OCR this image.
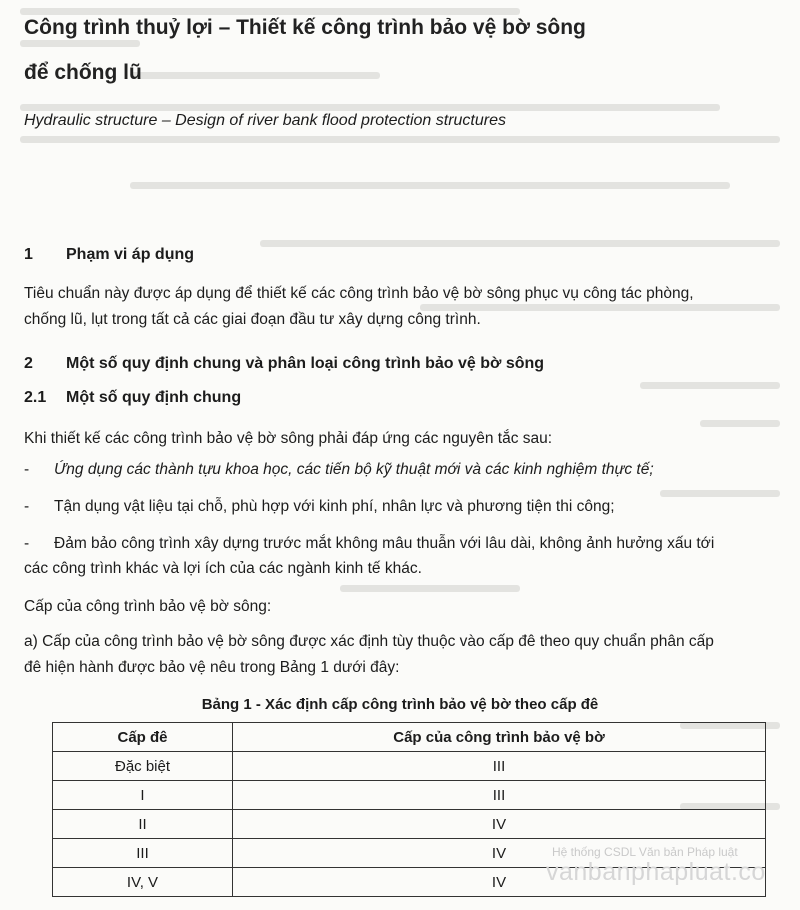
Công trình thuỷ lợi – Thiết kế công trình bảo vệ bờ sông
để chống lũ
Hydraulic structure – Design of river bank flood protection structures
1 Phạm vi áp dụng
Tiêu chuẩn này được áp dụng để thiết kế các công trình bảo vệ bờ sông phục vụ công tác phòng,
chống lũ, lụt trong tất cả các giai đoạn đầu tư xây dựng công trình.
2 Một số quy định chung và phân loại công trình bảo vệ bờ sông
2.1 Một số quy định chung
Khi thiết kế các công trình bảo vệ bờ sông phải đáp ứng các nguyên tắc sau:
- Ứng dụng các thành tựu khoa học, các tiến bộ kỹ thuật mới và các kinh nghiệm thực tế;
- Tận dụng vật liệu tại chỗ, phù hợp với kinh phí, nhân lực và phương tiện thi công;
- Đảm bảo công trình xây dựng trước mắt không mâu thuẫn với lâu dài, không ảnh hưởng xấu tới
các công trình khác và lợi ích của các ngành kinh tế khác.
Cấp của công trình bảo vệ bờ sông:
a) Cấp của công trình bảo vệ bờ sông được xác định tùy thuộc vào cấp đê theo quy chuẩn phân cấp
đê hiện hành được bảo vệ nêu trong Bảng 1 dưới đây:
Bảng 1 - Xác định cấp công trình bảo vệ bờ theo cấp đê
Cấp đê	Cấp của công trình bảo vệ bờ
Đặc biệt	III
I	III
II	IV
III	IV
IV, V	IV
Hệ thống CSDL Văn bản Pháp luật
vanbanphapluat.co
